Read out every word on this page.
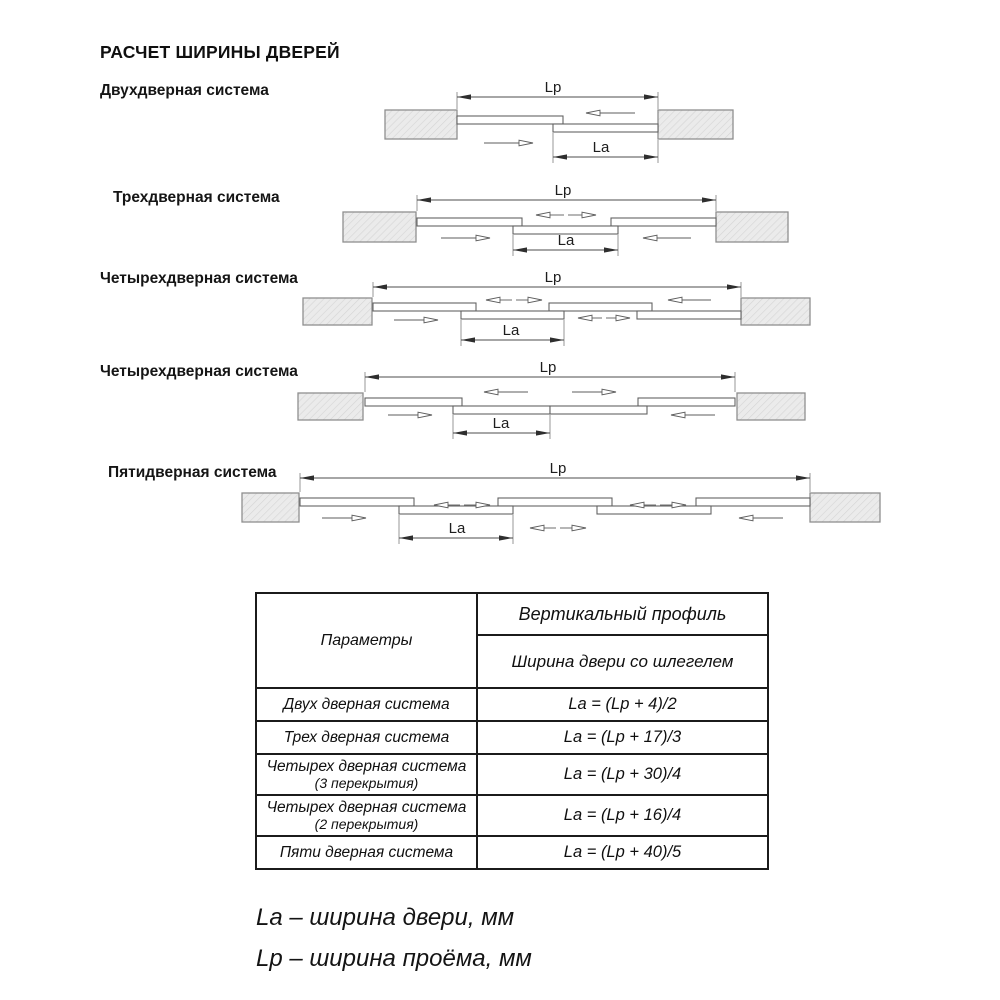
РАСЧЕТ ШИРИНЫ ДВЕРЕЙ
Двухдверная система
Трехдверная система
Четырехдверная система
Четырехдверная система
Пятидверная система
Lp
La
Lp
La
Lp
La
Lp
La
Lp
La
Параметры	Вертикальный профиль
	Ширина двери со шлегелем

Двух дверная система	La = (Lp + 4)/2

Трех дверная система	La = (Lp + 17)/3

Четырех дверная система
(3 перекрытия)	La = (Lp + 30)/4

Четырех дверная система
(2 перекрытия)	La = (Lp + 16)/4

Пяти дверная система	La = (Lp + 40)/5
La – ширина двери, мм
Lp – ширина проёма, мм
